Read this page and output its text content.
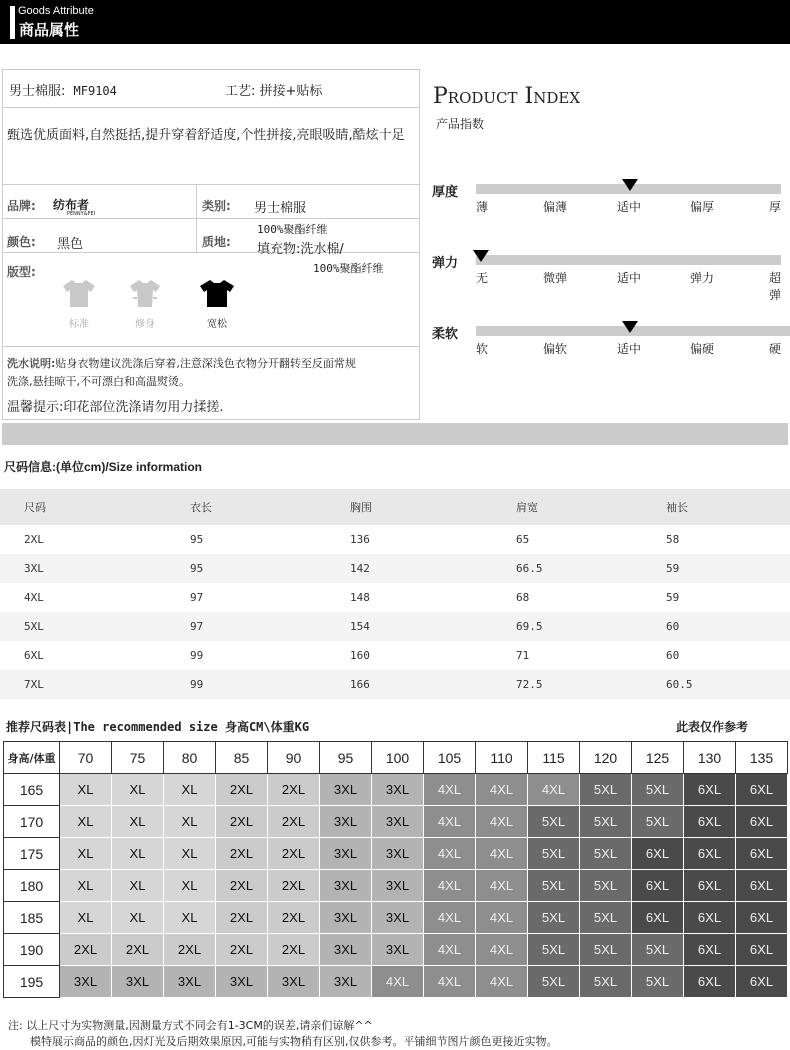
Goods Attribute
商品属性
男士棉服: MF9104	工艺: 拼接+贴标
甄选优质面料,自然挺括,提升穿着舒适度,个性拼接,亮眼吸睛,酷炫十足
品牌: 纺布者
PENNY&FEI
类别: 男士棉服
颜色: 黑色	质地:
100%聚酯纤维
填充物:洗水棉/
100%聚酯纤维
版型:
标准	修身	宽松
洗水说明:贴身衣物建议洗涤后穿着,注意深浅色衣物分开翻转至反面常规
洗涤,悬挂晾干,不可漂白和高温熨烫。
温馨提示:印花部位洗涤请勿用力揉搓.
Product Index
产品指数
厚度
薄	偏薄	适中	偏厚	厚
弹力
无	微弹	适中	弹力	超弹
柔软
软	偏软	适中	偏硬	硬
尺码信息:(单位cm)/Size information
尺码	衣长	胸围	肩宽	袖长
2XL	95	136	65	58
3XL	95	142	66.5	59
4XL	97	148	68	59
5XL	97	154	69.5	60
6XL	99	160	71	60
7XL	99	166	72.5	60.5
推荐尺码表|The recommended size 身高CM\体重KG	此表仅作参考
身高/体重	70	75	80	85	90	95	100	105	110	115	120	125	130	135
165	XL	XL	XL	2XL	2XL	3XL	3XL	4XL	4XL	4XL	5XL	5XL	6XL	6XL
170	XL	XL	XL	2XL	2XL	3XL	3XL	4XL	4XL	5XL	5XL	5XL	6XL	6XL
175	XL	XL	XL	2XL	2XL	3XL	3XL	4XL	4XL	5XL	5XL	6XL	6XL	6XL
180	XL	XL	XL	2XL	2XL	3XL	3XL	4XL	4XL	5XL	5XL	6XL	6XL	6XL
185	XL	XL	XL	2XL	2XL	3XL	3XL	4XL	4XL	5XL	5XL	6XL	6XL	6XL
190	2XL	2XL	2XL	2XL	2XL	3XL	3XL	4XL	4XL	5XL	5XL	5XL	6XL	6XL
195	3XL	3XL	3XL	3XL	3XL	3XL	4XL	4XL	4XL	5XL	5XL	5XL	6XL	6XL
注: 以上尺寸为实物测量,因测量方式不同会有1-3CM的误差,请亲们谅解^^
模特展示商品的颜色,因灯光及后期效果原因,可能与实物稍有区别,仅供参考。平铺细节图片颜色更接近实物。
